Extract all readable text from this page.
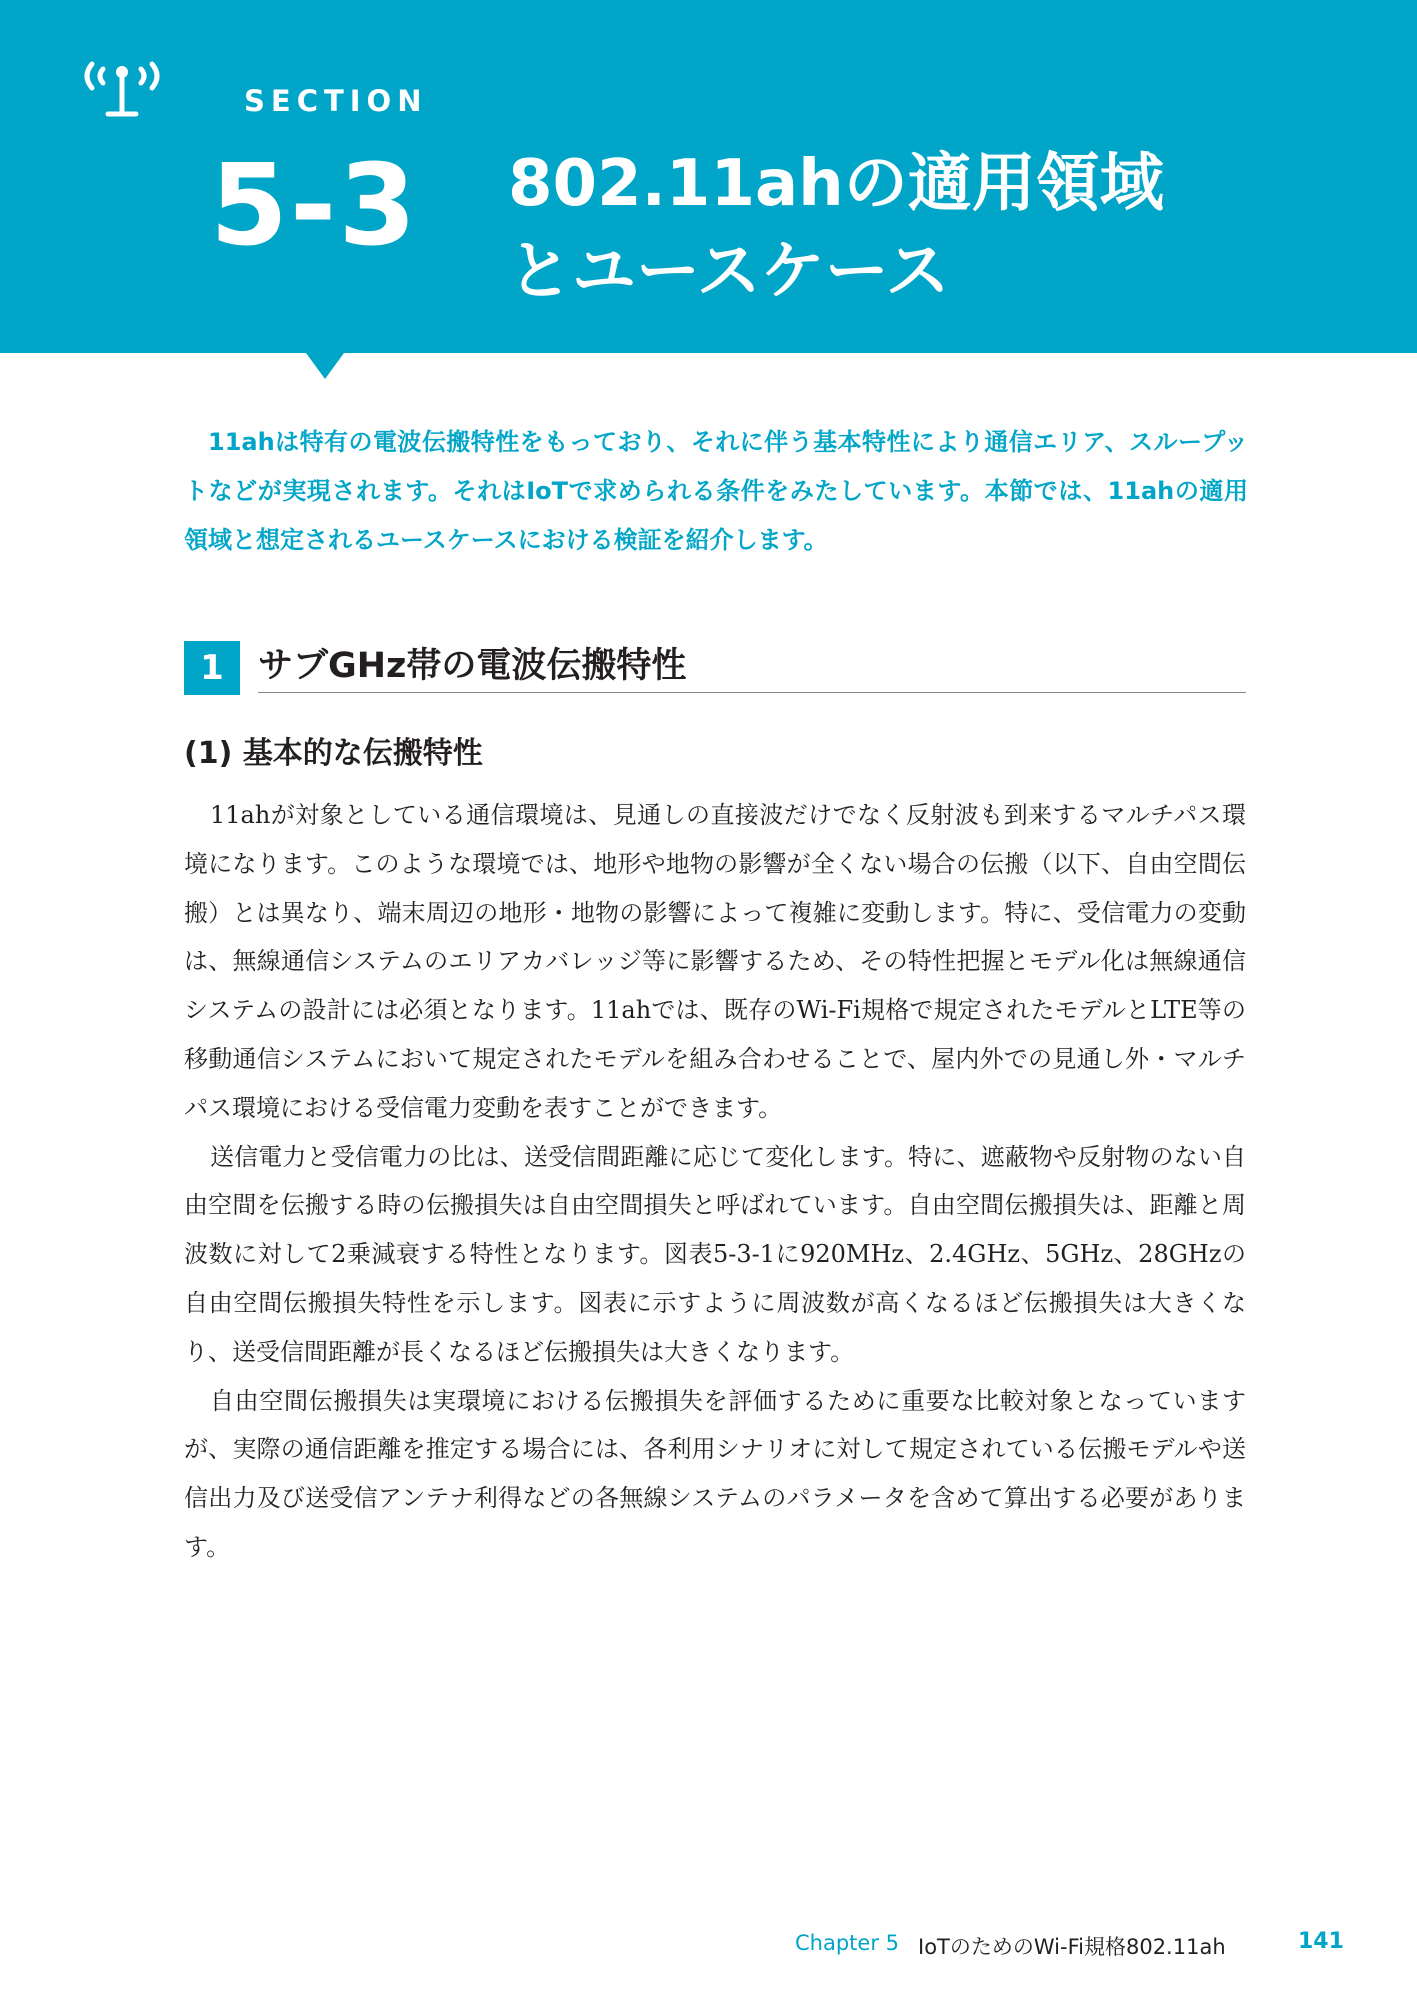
SECTION
5-3 802.11ahの適用領域
とユースケース
11ahは特有の電波伝搬特性をもっており、それに伴う基本特性により通信エリア、スループットなどが実現されます。それはIoTで求められる条件をみたしています。本節では、11ahの適用領域と想定されるユースケースにおける検証を紹介します。
1 サブGHz帯の電波伝搬特性
(1) 基本的な伝搬特性

11ahが対象としている通信環境は、見通しの直接波だけでなく反射波も到来するマルチパス環境になります。このような環境では、地形や地物の影響が全くない場合の伝搬（以下、自由空間伝搬）とは異なり、端末周辺の地形・地物の影響によって複雑に変動します。特に、受信電力の変動は、無線通信システムのエリアカバレッジ等に影響するため、その特性把握とモデル化は無線通信システムの設計には必須となります。11ahでは、既存のWi-Fi規格で規定されたモデルとLTE等の移動通信システムにおいて規定されたモデルを組み合わせることで、屋内外での見通し外・マルチパス環境における受信電力変動を表すことができます。

送信電力と受信電力の比は、送受信間距離に応じて変化します。特に、遮蔽物や反射物のない自由空間を伝搬する時の伝搬損失は自由空間損失と呼ばれています。自由空間伝搬損失は、距離と周波数に対して2乗減衰する特性となります。図表5-3-1に920MHz、2.4GHz、5GHz、28GHzの自由空間伝搬損失特性を示します。図表に示すように周波数が高くなるほど伝搬損失は大きくなり、送受信間距離が長くなるほど伝搬損失は大きくなります。

自由空間伝搬損失は実環境における伝搬損失を評価するために重要な比較対象となっていますが、実際の通信距離を推定する場合には、各利用シナリオに対して規定されている伝搬モデルや送信出力及び送受信アンテナ利得などの各無線システムのパラメータを含めて算出する必要があります。

Chapter 5 IoTのためのWi-Fi規格802.11ah	141
